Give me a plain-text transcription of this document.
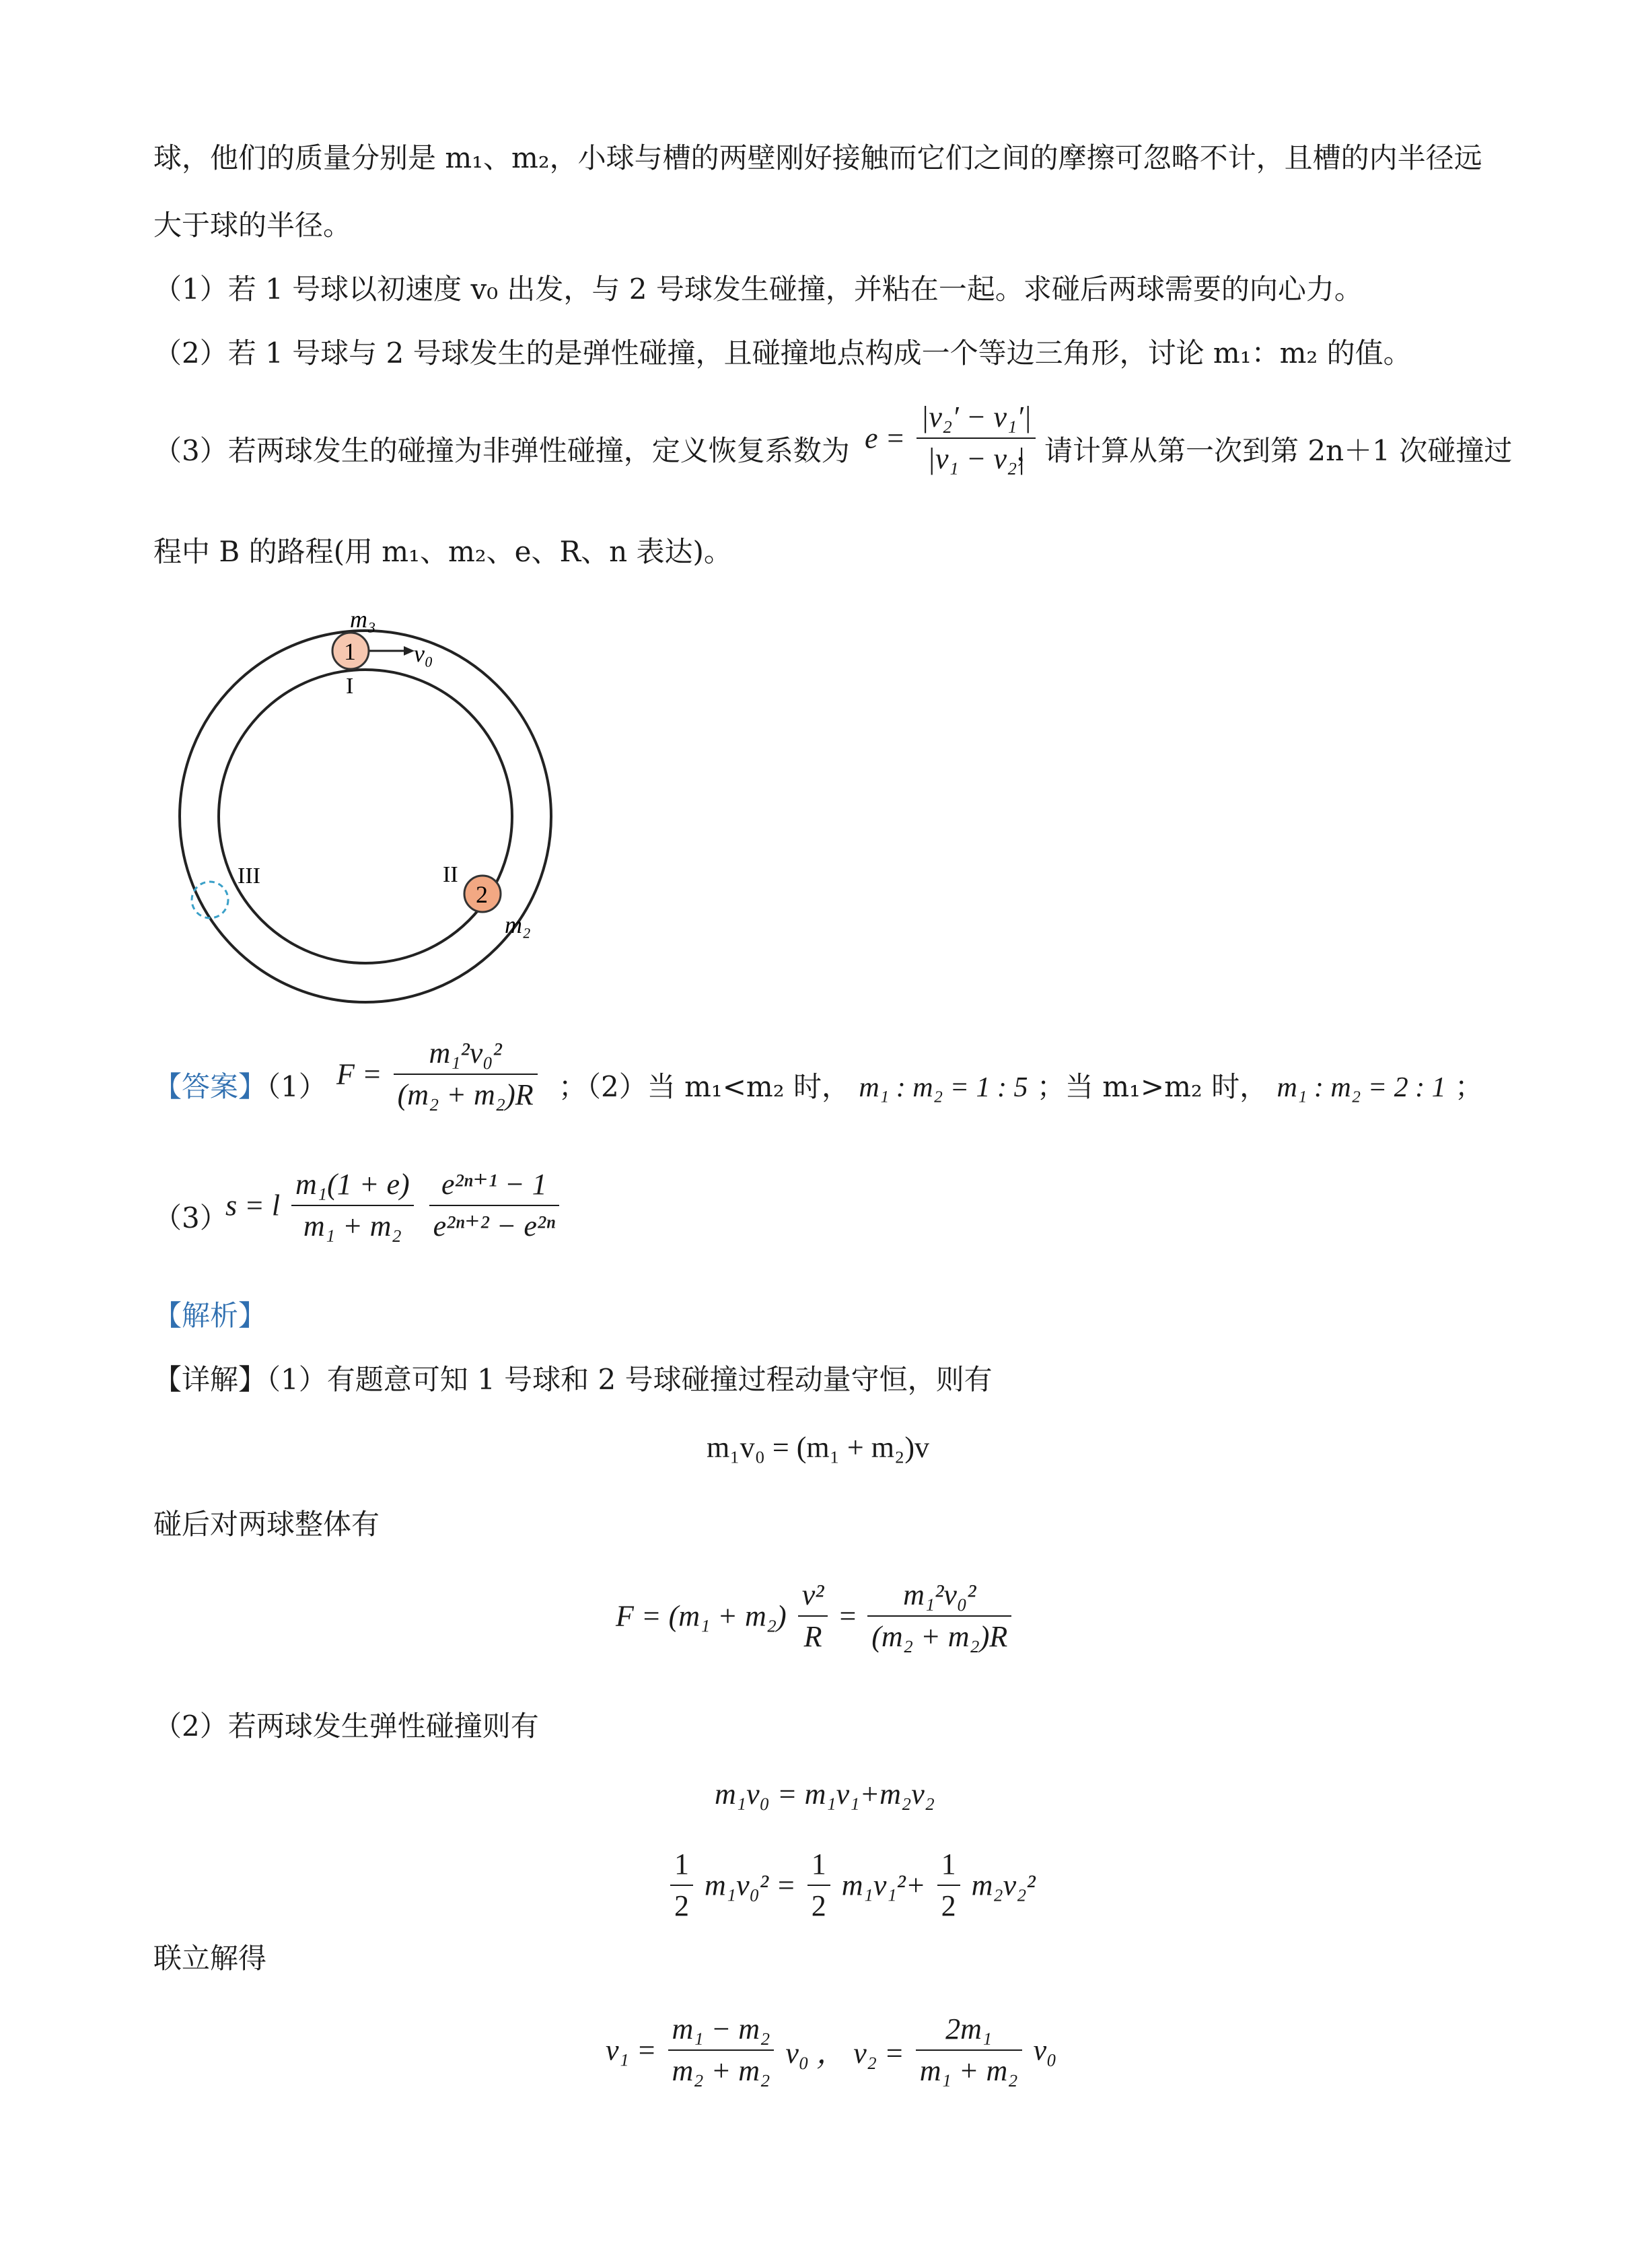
球，他们的质量分别是 m₁、m₂，小球与槽的两壁刚好接触而它们之间的摩擦可忽略不计，且槽的内半径远
大于球的半径。
（1）若 1 号球以初速度 v₀ 出发，与 2 号球发生碰撞，并粘在一起。求碰后两球需要的向心力。
（2）若 1 号球与 2 号球发生的是弹性碰撞，且碰撞地点构成一个等边三角形，讨论 m₁：m₂ 的值。
（3）若两球发生的碰撞为非弹性碰撞，定义恢复系数为 $e = \frac{\text{|v₂′ − v₁′|}}{\text{|v₁ − v₂|}}$
，请计算从第一次到第 2n＋1 次碰撞过
程中 B 的路程(用 m₁、m₂、e、R、n 表达)。
m₃
1 v₀
I
II
III
2
m₂
【答案】（1） $F = \frac{\text{m₁²v₀²}}{\text{(m₂ + m₂)R}}$ ；（2）当 m₁<m₂ 时， m₁ : m₂ = 1 : 5 ；当 m₁>m₂ 时， m₁ : m₂ = 2 : 1 ；
（3）
s = l $\frac{\text{m₁(1 + e)}}{\text{m₁ + m₂}}$
$\frac{\text{e²ⁿ⁺¹ − 1}}{\text{e²ⁿ⁺² − e²ⁿ}}$
【解析】
【详解】（1）有题意可知 1 号球和 2 号球碰撞过程动量守恒，则有
m₁v₀ = (m₁ + m₂)v
碰后对两球整体有
$F = (m_1 + m_2) \frac{\text{v²}}{R} = \frac{\text{m₁²v₀²}}{\text{(m₂ + m₂)R}}$
（2）若两球发生弹性碰撞则有
m₁v₀ = m₁v₁+m₂v₂
$\frac{1}{2} m_1v_0^2 = \frac{1}{2} m_1v_1^2+ \frac{1}{2} m_2v_2^2$
联立解得
$v_1 = \frac{\text{m₁ − m₂}}{\text{m₂ + m₂}} v_0$ ， $v_2 = \frac{\text{2m₁}}{\text{m₁ + m₂}} v_0$
